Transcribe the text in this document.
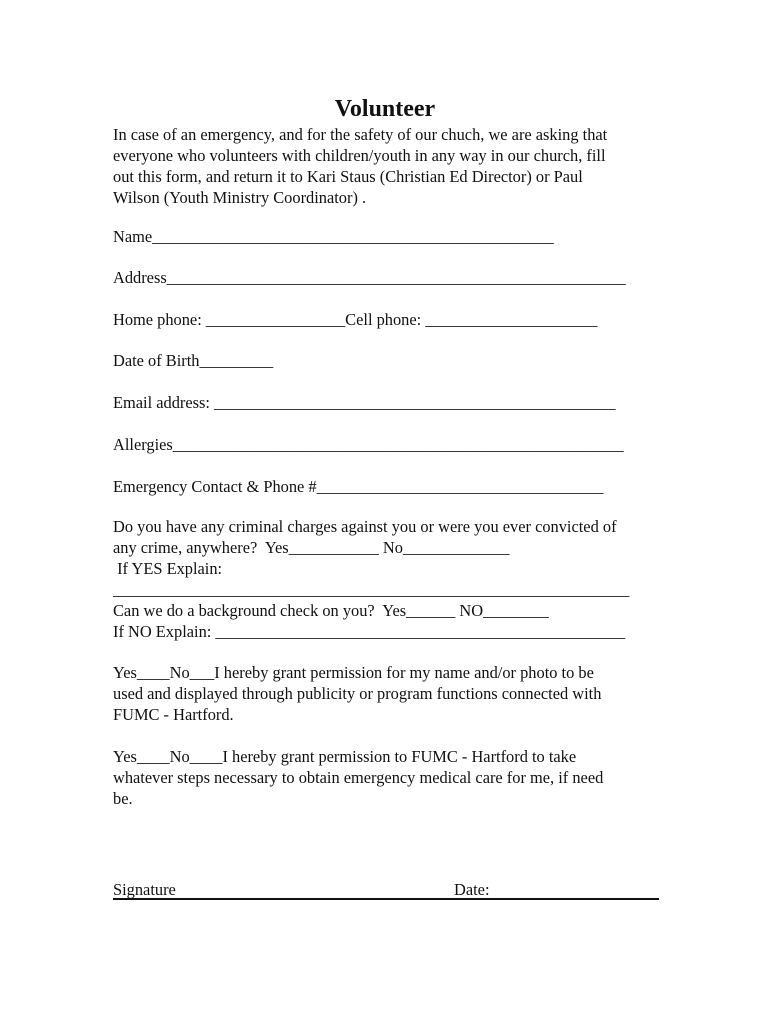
Volunteer
In case of an emergency, and for the safety of our chuch, we are asking that
everyone who volunteers with children/youth in any way in our church, fill
out this form, and return it to Kari Staus (Christian Ed Director) or Paul
Wilson (Youth Ministry Coordinator) .
Name_________________________________________________
Address________________________________________________________
Home phone: _________________Cell phone: _____________________
Date of Birth_________
Email address: _________________________________________________
Allergies_______________________________________________________
Emergency Contact & Phone #___________________________________
Do you have any criminal charges against you or were you ever convicted of
any crime, anywhere?  Yes___________ No_____________
If YES Explain:
_______________________________________________________________
Can we do a background check on you?  Yes______ NO________
If NO Explain: __________________________________________________
Yes____No___I hereby grant permission for my name and/or photo to be
used and displayed through publicity or program functions connected with
FUMC - Hartford.
Yes____No____I hereby grant permission to FUMC - Hartford to take
whatever steps necessary to obtain emergency medical care for me, if need
be.
Signature	Date:
